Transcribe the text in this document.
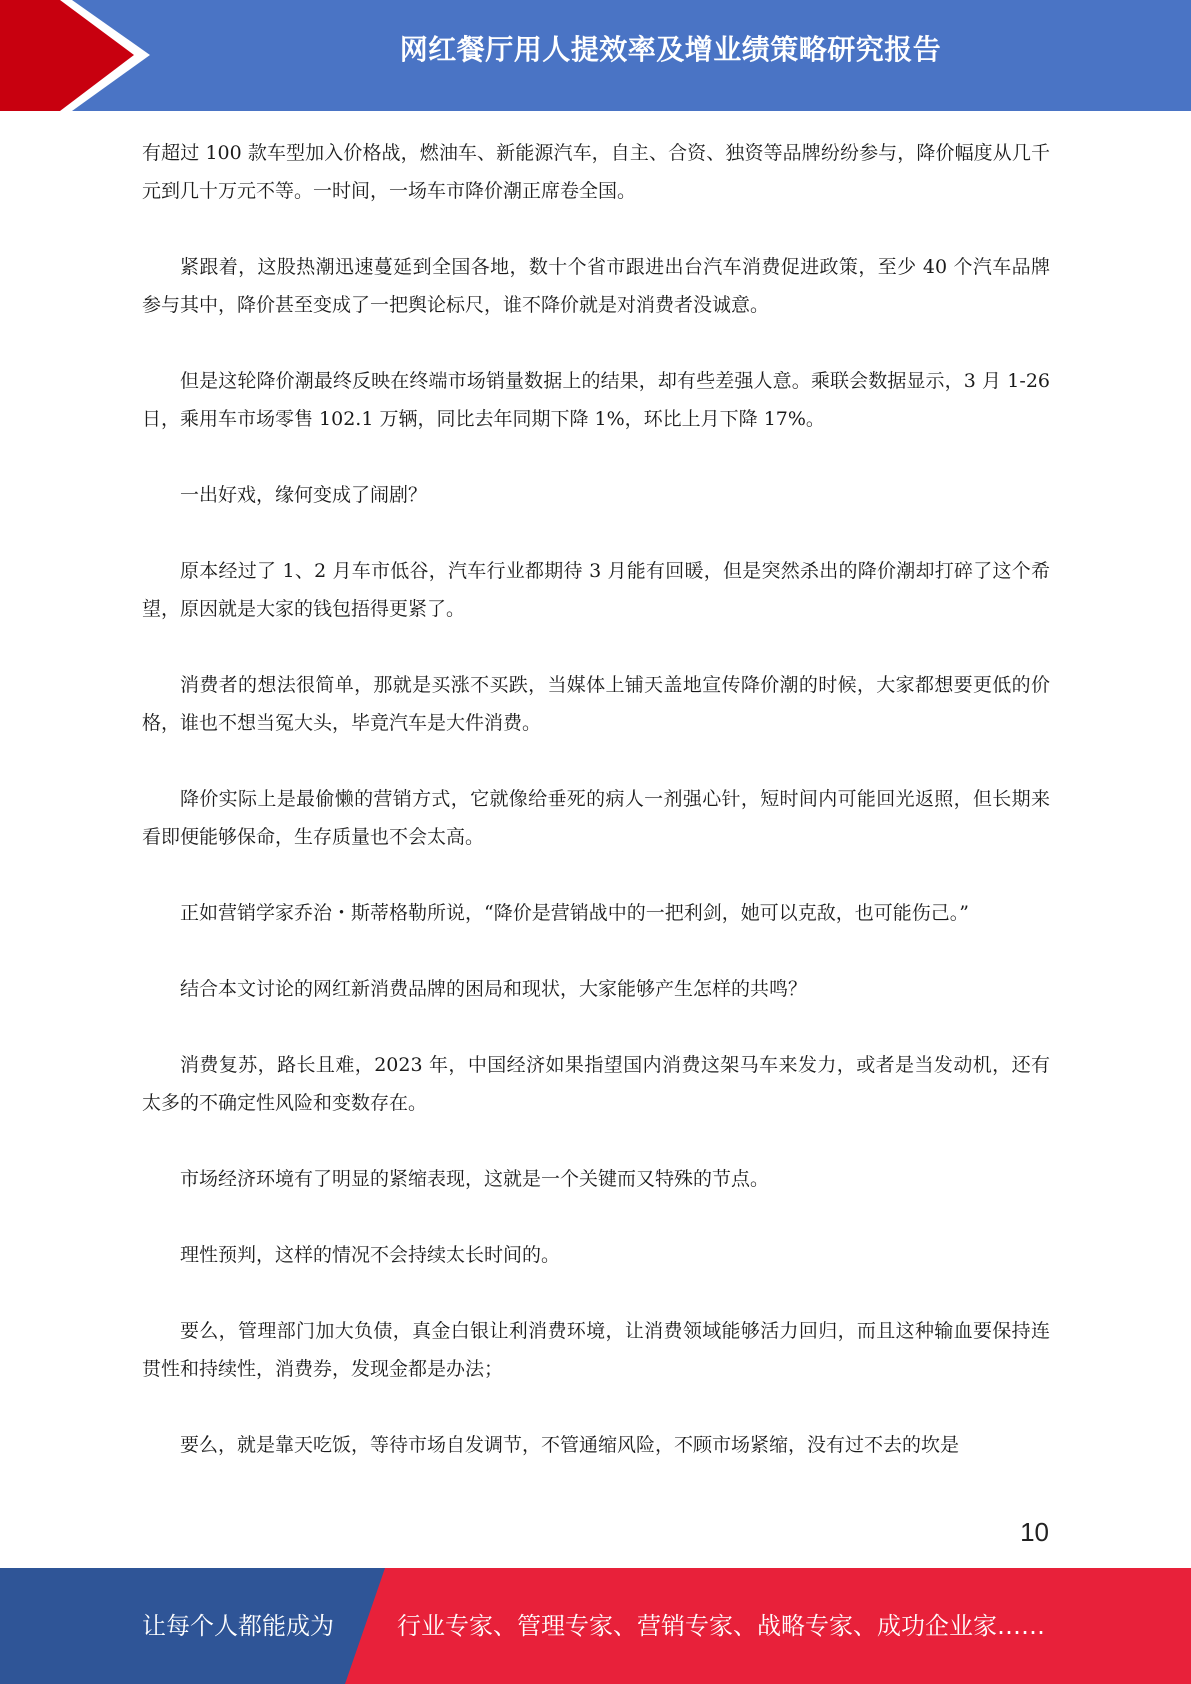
网红餐厅用人提效率及增业绩策略研究报告

有超过 100 款车型加入价格战，燃油车、新能源汽车，自主、合资、独资等品牌纷纷参与，降价幅度从几千元到几十万元不等。一时间，一场车市降价潮正席卷全国。

紧跟着，这股热潮迅速蔓延到全国各地，数十个省市跟进出台汽车消费促进政策，至少 40 个汽车品牌参与其中，降价甚至变成了一把舆论标尺，谁不降价就是对消费者没诚意。

但是这轮降价潮最终反映在终端市场销量数据上的结果，却有些差强人意。乘联会数据显示，3 月 1-26 日，乘用车市场零售 102.1 万辆，同比去年同期下降 1%，环比上月下降 17%。

一出好戏，缘何变成了闹剧？

原本经过了 1、2 月车市低谷，汽车行业都期待 3 月能有回暖，但是突然杀出的降价潮却打碎了这个希望，原因就是大家的钱包捂得更紧了。

消费者的想法很简单，那就是买涨不买跌，当媒体上铺天盖地宣传降价潮的时候，大家都想要更低的价格，谁也不想当冤大头，毕竟汽车是大件消费。

降价实际上是最偷懒的营销方式，它就像给垂死的病人一剂强心针，短时间内可能回光返照，但长期来看即便能够保命，生存质量也不会太高。

正如营销学家乔治・斯蒂格勒所说，“降价是营销战中的一把利剑，她可以克敌，也可能伤己。”

结合本文讨论的网红新消费品牌的困局和现状，大家能够产生怎样的共鸣？

消费复苏，路长且难，2023 年，中国经济如果指望国内消费这架马车来发力，或者是当发动机，还有太多的不确定性风险和变数存在。

市场经济环境有了明显的紧缩表现，这就是一个关键而又特殊的节点。

理性预判，这样的情况不会持续太长时间的。

要么，管理部门加大负债，真金白银让利消费环境，让消费领域能够活力回归，而且这种输血要保持连贯性和持续性，消费券，发现金都是办法；

要么，就是靠天吃饭，等待市场自发调节，不管通缩风险，不顾市场紧缩，没有过不去的坎是

10
让每个人都能成为	行业专家、管理专家、营销专家、战略专家、成功企业家……
